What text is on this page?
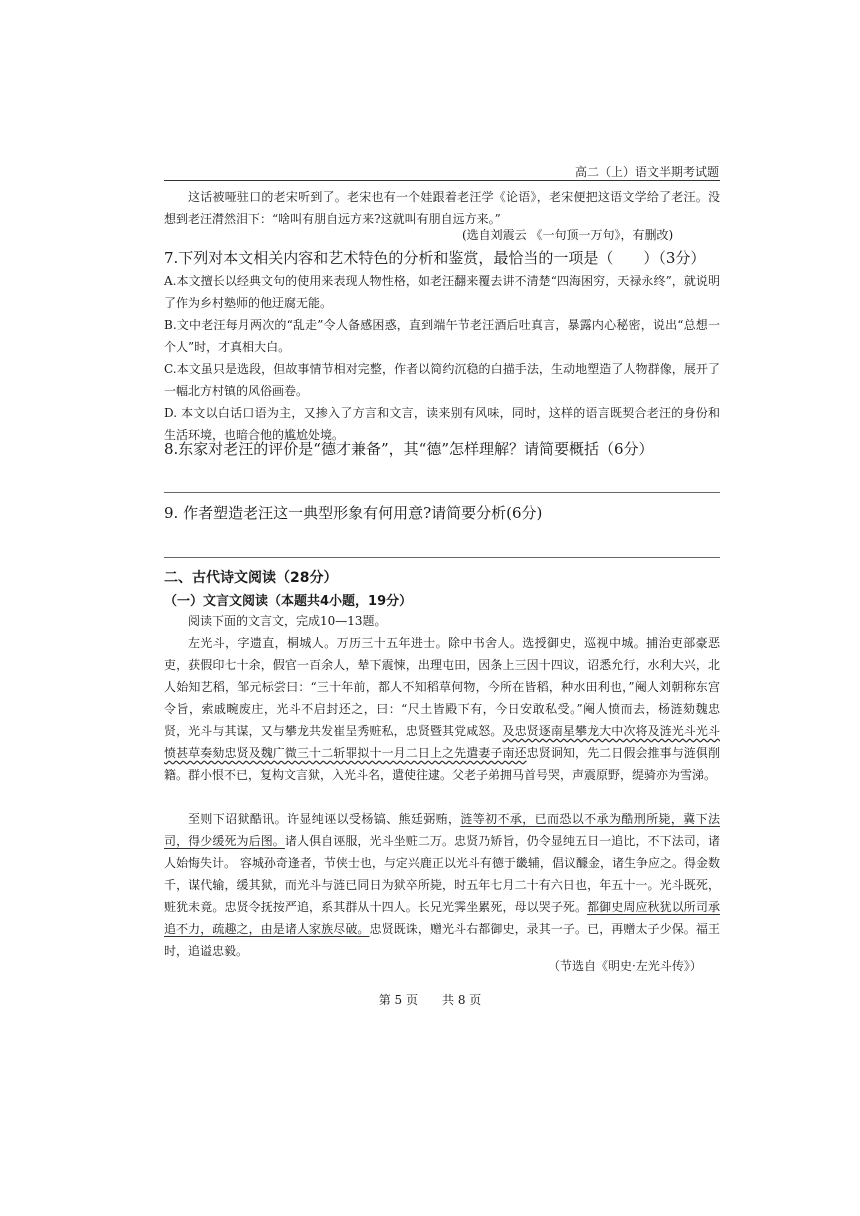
高二（上）语文半期考试题
这话被哑驻口的老宋听到了。老宋也有一个娃跟着老汪学《论语》，老宋便把这语文学给了老汪。没想到老汪潸然泪下：“啥叫有朋自远方来?这就叫有朋自远方来。”
(选自刘震云 《一句顶一万句》，有删改)
7.下列对本文相关内容和艺术特色的分析和鉴赏，最恰当的一项是（　　）（3分）
A.本文擅长以经典文句的使用来表现人物性格，如老汪翻来覆去讲不清楚“四海困穷，天禄永终”，就说明了作为乡村塾师的他迂腐无能。
B.文中老汪每月两次的“乱走”令人备感困惑，直到端午节老汪酒后吐真言，暴露内心秘密，说出“总想一个人”时，才真相大白。
C.本文虽只是选段，但故事情节相对完整，作者以简约沉稳的白描手法，生动地塑造了人物群像，展开了一幅北方村镇的风俗画卷。
D. 本文以白话口语为主，又掺入了方言和文言，读来别有风味，同时，这样的语言既契合老汪的身份和生活环境，也暗合他的尴尬处境。
8.东家对老汪的评价是“德才兼备”，其“德”怎样理解？请简要概括（6分）
9. 作者塑造老汪这一典型形象有何用意?请简要分析(6分)
二、古代诗文阅读（28分）
（一）文言文阅读（本题共4小题，19分）
阅读下面的文言文，完成10—13题。
左光斗，字遗直，桐城人。万历三十五年进士。除中书舍人。选授御史，巡视中城。捕治吏部豪恶吏，获假印七十余，假官一百余人，辇下震悚，出理屯田，因条上三因十四议，诏悉允行，水利大兴，北人始知艺稻，邹元标尝曰：“三十年前，都人不知稻草何物，今所在皆稻，种水田利也，”阉人刘朝称东宫令旨，索戚畹废庄，光斗不启封还之，曰：“尺土皆殿下有，今日安敢私受。”阉人愤而去，杨涟劾魏忠贤，光斗与其谋，又与攀龙共发崔呈秀赃私，忠贤暨其党咸怒。及忠贤逐南星攀龙大中次将及涟光斗光斗愤甚草奏劾忠贤及魏广微三十二斩罪拟十一月二日上之先遣妻子南还忠贤诇知，先二日假会推事与涟俱削籍。群小恨不已，复构文言狱，入光斗名，遣使往逮。父老子弟拥马首号哭，声震原野，缇骑亦为雪涕。
至则下诏狱酷讯。许显纯诬以受杨镐、熊廷弼贿，涟等初不承，已而恐以不承为酷刑所毙，冀下法司，得少缓死为后图。诸人俱自诬服，光斗坐赃二万。忠贤乃矫旨，仍令显纯五日一追比，不下法司，诸人始悔失计。 容城孙奇逢者，节侠士也，与定兴鹿正以光斗有德于畿辅，倡议醵金，诸生争应之。得金数千，谋代输，缓其狱，而光斗与涟已同日为狱卒所毙，时五年七月二十有六日也，年五十一。光斗既死，赃犹未竟。忠贤令抚按严追，系其群从十四人。长兄光霁坐累死，母以哭子死。都御史周应秋犹以所司承追不力，疏趣之，由是诸人家族尽破。忠贤既诛，赠光斗右都御史，录其一子。已，再赠太子少保。福王时，追谥忠毅。
（节选自《明史·左光斗传》）
第 5 页　　共 8 页
